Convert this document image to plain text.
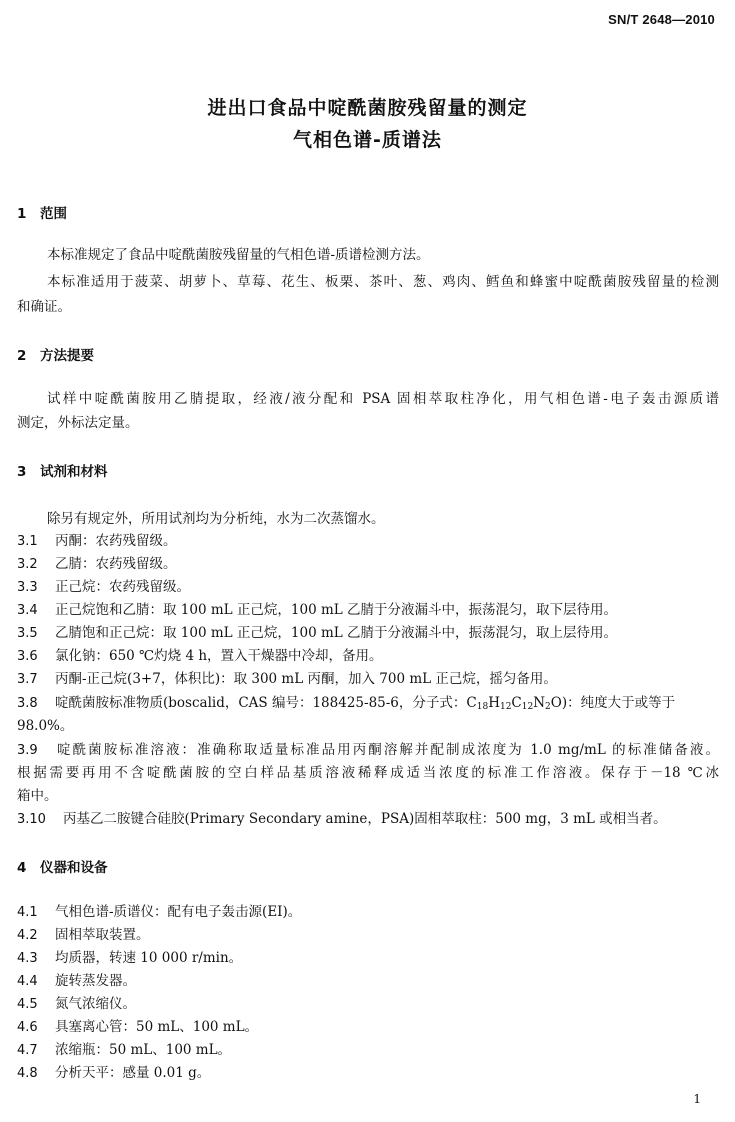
SN/T 2648—2010
进出口食品中啶酰菌胺残留量的测定
气相色谱-质谱法
1 范围
本标准规定了食品中啶酰菌胺残留量的气相色谱-质谱检测方法。
本标准适用于菠菜、胡萝卜、草莓、花生、板栗、茶叶、葱、鸡肉、鳕鱼和蜂蜜中啶酰菌胺残留量的检测
和确证。
2 方法提要
试样中啶酰菌胺用乙腈提取，经液/液分配和 PSA 固相萃取柱净化，用气相色谱-电子轰击源质谱
测定，外标法定量。
3 试剂和材料
除另有规定外，所用试剂均为分析纯，水为二次蒸馏水。
3.1 丙酮：农药残留级。
3.2 乙腈：农药残留级。
3.3 正己烷：农药残留级。
3.4 正己烷饱和乙腈：取 100 mL 正己烷，100 mL 乙腈于分液漏斗中，振荡混匀，取下层待用。
3.5 乙腈饱和正己烷：取 100 mL 正己烷，100 mL 乙腈于分液漏斗中，振荡混匀，取上层待用。
3.6 氯化钠：650 ℃灼烧 4 h，置入干燥器中冷却，备用。
3.7 丙酮-正己烷(3+7，体积比)：取 300 mL 丙酮，加入 700 mL 正己烷，摇匀备用。
3.8 啶酰菌胺标准物质(boscalid，CAS 编号：188425-85-6，分子式：$C_{18}H_{12}C_{12}N_2O$)：纯度大于或等于
98.0%。
3.9 啶酰菌胺标准溶液：准确称取适量标准品用丙酮溶解并配制成浓度为 1.0 mg/mL 的标准储备液。
根据需要再用不含啶酰菌胺的空白样品基质溶液稀释成适当浓度的标准工作溶液。保存于－18 ℃冰
箱中。
3.10 丙基乙二胺键合硅胶(Primary Secondary amine，PSA)固相萃取柱：500 mg，3 mL 或相当者。
4 仪器和设备
4.1 气相色谱-质谱仪：配有电子轰击源(EI)。
4.2 固相萃取装置。
4.3 均质器，转速 10 000 r/min。
4.4 旋转蒸发器。
4.5 氮气浓缩仪。
4.6 具塞离心管：50 mL、100 mL。
4.7 浓缩瓶：50 mL、100 mL。
4.8 分析天平：感量 0.01 g。
1
